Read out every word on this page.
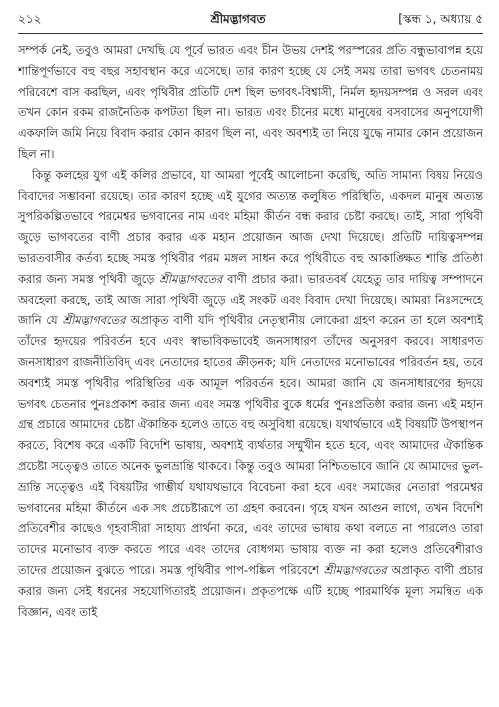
২১২	শ্রীমদ্ভাগবত	[স্কন্ধ ১, অধ্যায় ৫

সম্পর্ক নেই, তবুও আমরা দেখছি যে পূর্বে ভারত এবং চীন উভয় দেশই পরস্পরের প্রতি বন্ধুভাবাপন্ন হয়ে শান্তিপূর্ণভাবে বহু বছর সহাবস্থান করে এসেছে। তার কারণ হচ্ছে যে সেই সময় তারা ভগবৎ চেতনাময় পরিবেশে বাস করছিল, এবং পৃথিবীর প্রতিটি দেশ ছিল ভগবৎ-বিশ্বাসী, নির্মল হৃদয়সম্পন্ন ও সরল এবং তখন কোন রকম রাজনৈতিক কপটতা ছিল না। ভারত এবং চীনের মধ্যে মানুষের বসবাসের অনুপযোগী একফালি জমি নিয়ে বিবাদ করার কোন কারণ ছিল না, এবং অবশ্যই তা নিয়ে যুদ্ধে নামার কোন প্রয়োজন ছিল না।

কিন্তু কলহের যুগ এই কলির প্রভাবে, যা আমরা পূর্বেই আলোচনা করেছি, অতি সামান্য বিষয় নিয়েও বিবাদের সম্ভাবনা রয়েছে। তার কারণ হচ্ছে এই যুগের অত্যন্ত কলুষিত পরিস্থিতি, একদল মানুষ অত্যন্ত সুপরিকল্পিতভাবে পরমেশ্বর ভগবানের নাম এবং মহিমা কীর্তন বন্ধ করার চেষ্টা করছে। তাই, সারা পৃথিবী জুড়ে ভাগবতের বাণী প্রচার করার এক মহান প্রয়োজন আজ দেখা দিয়েছে। প্রতিটি দায়িত্বসম্পন্ন ভারতবাসীর কর্তব্য হচ্ছে সমস্ত পৃথিবীর পরম মঙ্গল সাধন করে পৃথিবীতে বহু আকাঙ্ক্ষিত শান্তি প্রতিষ্ঠা করার জন্য সমস্ত পৃথিবী জুড়ে শ্রীমদ্ভাগবতের বাণী প্রচার করা। ভারতবর্ষ যেহেতু তার দায়িত্ব সম্পাদনে অবহেলা করছে, তাই আজ সারা পৃথিবী জুড়ে এই সংকট এবং বিবাদ দেখা দিয়েছে। আমরা নিঃসন্দেহে জানি যে শ্রীমদ্ভাগবতের অপ্রাকৃত বাণী যদি পৃথিবীর নেতৃস্থানীয় লোকেরা গ্রহণ করেন তা হলে অবশ্যই তাঁদের হৃদয়ের পরিবর্তন হবে এবং স্বাভাবিকভাবেই জনসাধারণ তাঁদের অনুসরণ করবে। সাধারণত জনসাধারণ রাজনীতিবিদ্ এবং নেতাদের হাতের ক্রীড়নক; যদি নেতাদের মনোভাবের পরিবর্তন হয়, তবে অবশ্যই সমস্ত পৃথিবীর পরিস্থিতির এক আমূল পরিবর্তন হবে। আমরা জানি যে জনসাধারণের হৃদয়ে ভগবৎ চেতনার পুনঃপ্রকাশ করার জন্য এবং সমস্ত পৃথিবীর বুকে ধর্মের পুনঃপ্রতিষ্ঠা করার জন্য এই মহান গ্রন্থ প্রচারে আমাদের চেষ্টা ঐকান্তিক হলেও তাতে বহু অসুবিধা রয়েছে। যথার্থভাবে এই বিষয়টি উপস্থাপন করতে, বিশেষ করে একটি বিদেশি ভাষায়, অবশ্যই ব্যর্থতার সম্মুখীন হতে হবে, এবং আমাদের ঐকান্তিক প্রচেষ্টা সত্ত্বেও তাতে অনেক ভুলভ্রান্তি থাকবে। কিন্তু তবুও আমরা নিশ্চিতভাবে জানি যে আমাদের ভুল-ভ্রান্তি সত্ত্বেও এই বিষয়টির গাম্ভীর্য যথাযথভাবে বিবেচনা করা হবে এবং সমাজের নেতারা পরমেশ্বর ভগবানের মহিমা কীর্তনে এক সৎ প্রচেষ্টারূপে তা গ্রহণ করবেন। গৃহে যখন আগুন লাগে, তখন বিদেশি প্রতিবেশীর কাছেও গৃহবাসীরা সাহায্য প্রার্থনা করে, এবং তাদের ভাষায় কথা বলতে না পারলেও তারা তাদের মনোভাব ব্যক্ত করতে পারে এবং তাদের বোধগম্য ভাষায় ব্যক্ত না করা হলেও প্রতিবেশীরাও তাদের প্রয়োজন বুঝতে পারে। সমস্ত পৃথিবীর পাপ-পঙ্কিল পরিবেশে শ্রীমদ্ভাগবতের অপ্রাকৃত বাণী প্রচার করার জন্য সেই ধরনের সহযোগিতারই প্রয়োজন। প্রকৃতপক্ষে এটি হচ্ছে পারমার্থিক মূল্য সমন্বিত এক বিজ্ঞান, এবং তাই
